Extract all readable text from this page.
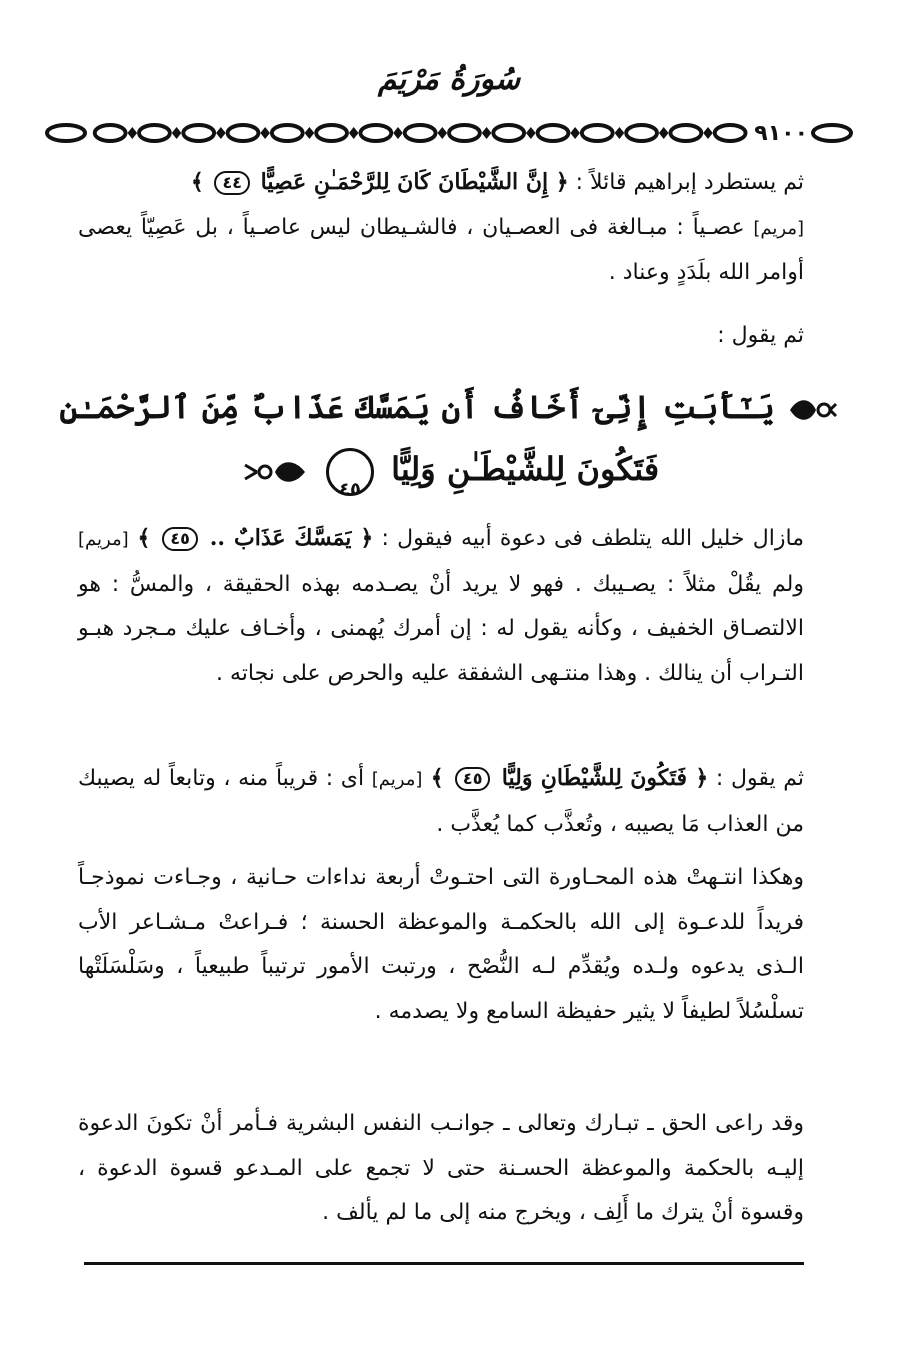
سُورَةُ مَرْيَمَ
٩١٠٠
ثم يستطرد إبراهيم قائلاً : ﴿ إِنَّ الشَّيْطَانَ كَانَ لِلرَّحْمَـٰنِ عَصِيًّا ٤٤ ﴾
[مريم] عصـياً : مبـالغة فى العصـيان ، فالشـيطان ليس عاصـياً ، بل عَصِيّاً يعصى أوامر الله بلَدَدٍ وعناد .
ثم يقول :
يَـٰٓأَبَتِ إِنِّىٓ أَخَافُ أَن يَمَسَّكَ عَذَابٌ مِّنَ ٱلرَّحْمَـٰنِ
فَتَكُونَ لِلشَّيْطَـٰنِ وَلِيًّا
٤٥

مازال خليل الله يتلطف فى دعوة أبيه فيقول : ﴿ يَمَسَّكَ عَذَابٌ .. ٤٥ ﴾ [مريم] ولم يقُلْ مثلاً : يصـيبك . فهو لا يريد أنْ يصـدمه بهذه الحقيقة ، والمسُّ : هو الالتصـاق الخفيف ، وكأنه يقول له : إن أمرك يُهمنى ، وأخـاف عليك مـجرد هبـو التـراب أن ينالك . وهذا منتـهى الشفقة عليه والحرص على نجاته .
ثم يقول : ﴿ فَتَكُونَ لِلشَّيْطَانِ وَلِيًّا ٤٥ ﴾ [مريم] أى : قريباً منه ، وتابعاً له يصيبك من العذاب مَا يصيبه ، وتُعذَّب كما يُعذَّب .
وهكذا انتـهتْ هذه المحـاورة التى احتـوتْ أربعة نداءات حـانية ، وجـاءت نموذجـاً فريداً للدعـوة إلى الله بالحكمـة والموعظة الحسنة ؛ فـراعتْ مـشـاعر الأب الـذى يدعوه ولـده ويُقدِّم لـه النُّصْح ، ورتبت الأمور ترتيباً طبيعياً ، وسَلْسَلَتْها تسلْسُلاً لطيفاً لا يثير حفيظة السامع ولا يصدمه .
وقد راعى الحق ـ تبـارك وتعالى ـ جوانـب النفس البشرية فـأمر أنْ تكونَ الدعوة إليـه بالحكمة والموعظة الحسـنة حتى لا تجمع على المـدعو قسوة الدعوة ، وقسوة أنْ يترك ما أَلِف ، ويخرج منه إلى ما لم يألف .
